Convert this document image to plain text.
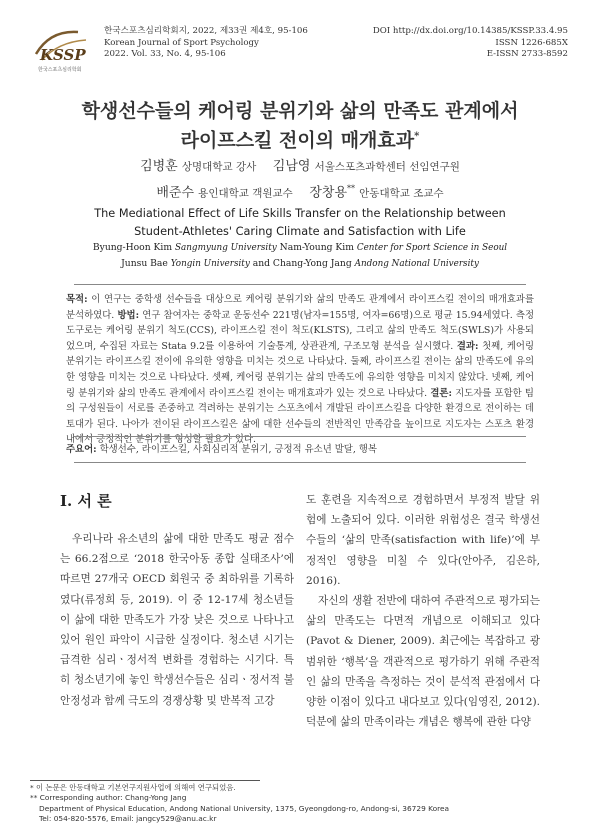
KSSP
한국스포츠심리학회
한국스포츠심리학회지, 2022, 제33권 제4호, 95-106
Korean Journal of Sport Psychology
2022. Vol. 33, No. 4, 95-106
DOI http://dx.doi.org/10.14385/KSSP.33.4.95
ISSN 1226-685X
E-ISSN 2733-8592
학생선수들의 케어링 분위기와 삶의 만족도 관계에서
라이프스킬 전이의 매개효과*
김병훈 상명대학교 강사 김남영 서울스포츠과학센터 선임연구원
배준수 용인대학교 객원교수 장창용** 안동대학교 조교수
The Mediational Effect of Life Skills Transfer on the Relationship between
Student-Athletes' Caring Climate and Satisfaction with Life
Byung-Hoon Kim Sangmyung University Nam-Young Kim Center for Sport Science in Seoul
Junsu Bae Yongin University and Chang-Yong Jang Andong National University
목적: 이 연구는 중학생 선수들을 대상으로 케어링 분위기와 삶의 만족도 관계에서 라이프스킬 전이의 매개효과를 분석하였다. 방법: 연구 참여자는 중학교 운동선수 221명(남자=155명, 여자=66명)으로 평균 15.94세였다. 측정도구로는 케어링 분위기 척도(CCS), 라이프스킬 전이 척도(KLSTS), 그리고 삶의 만족도 척도(SWLS)가 사용되었으며, 수집된 자료는 Stata 9.2를 이용하여 기술통계, 상관관계, 구조모형 분석을 실시했다. 결과: 첫째, 케어링 분위기는 라이프스킬 전이에 유의한 영향을 미치는 것으로 나타났다. 둘째, 라이프스킬 전이는 삶의 만족도에 유의한 영향을 미치는 것으로 나타났다. 셋째, 케어링 분위기는 삶의 만족도에 유의한 영향을 미치지 않았다. 넷째, 케어링 분위기와 삶의 만족도 관계에서 라이프스킬 전이는 매개효과가 있는 것으로 나타났다. 결론: 지도자를 포함한 팀의 구성원들이 서로를 존중하고 격려하는 분위기는 스포츠에서 개발된 라이프스킬을 다양한 환경으로 전이하는 데 토대가 된다. 나아가 전이된 라이프스킬은 삶에 대한 선수들의 전반적인 만족감을 높이므로 지도자는 스포츠 환경 내에서 긍정적인 분위기를 형성할 필요가 있다.
주요어: 학생선수, 라이프스킬, 사회심리적 분위기, 긍정적 유소년 발달, 행복
I. 서 론

우리나라 유소년의 삶에 대한 만족도 평균 점수는 66.2점으로 ‘2018 한국아동 종합 실태조사’에 따르면 27개국 OECD 회원국 중 최하위를 기록하였다(류정희 등, 2019). 이 중 12-17세 청소년들이 삶에 대한 만족도가 가장 낮은 것으로 나타나고 있어 원인 파악이 시급한 실정이다. 청소년 시기는 급격한 심리ㆍ정서적 변화를 경험하는 시기다. 특히 청소년기에 놓인 학생선수들은 심리ㆍ정서적 불안정성과 함께 극도의 경쟁상황 및 반복적 고강

도 훈련을 지속적으로 경험하면서 부정적 발달 위험에 노출되어 있다. 이러한 위험성은 결국 학생선수들의 ‘삶의 만족(satisfaction with life)’에 부정적인 영향을 미칠 수 있다(안아주, 김은하, 2016).

자신의 생활 전반에 대하여 주관적으로 평가되는 삶의 만족도는 다면적 개념으로 이해되고 있다(Pavot & Diener, 2009). 최근에는 복잡하고 광범위한 ‘행복’을 객관적으로 평가하기 위해 주관적인 삶의 만족을 측정하는 것이 분석적 관점에서 다양한 이점이 있다고 내다보고 있다(임영진, 2012). 덕분에 삶의 만족이라는 개념은 행복에 관한 다양

* 이 논문은 안동대학교 기본연구지원사업에 의해여 연구되었음.
** Corresponding author: Chang-Yong Jang
Department of Physical Education, Andong National University, 1375, Gyeongdong-ro, Andong-si, 36729 Korea
Tel: 054-820-5576, Email: jangcy529@anu.ac.kr
